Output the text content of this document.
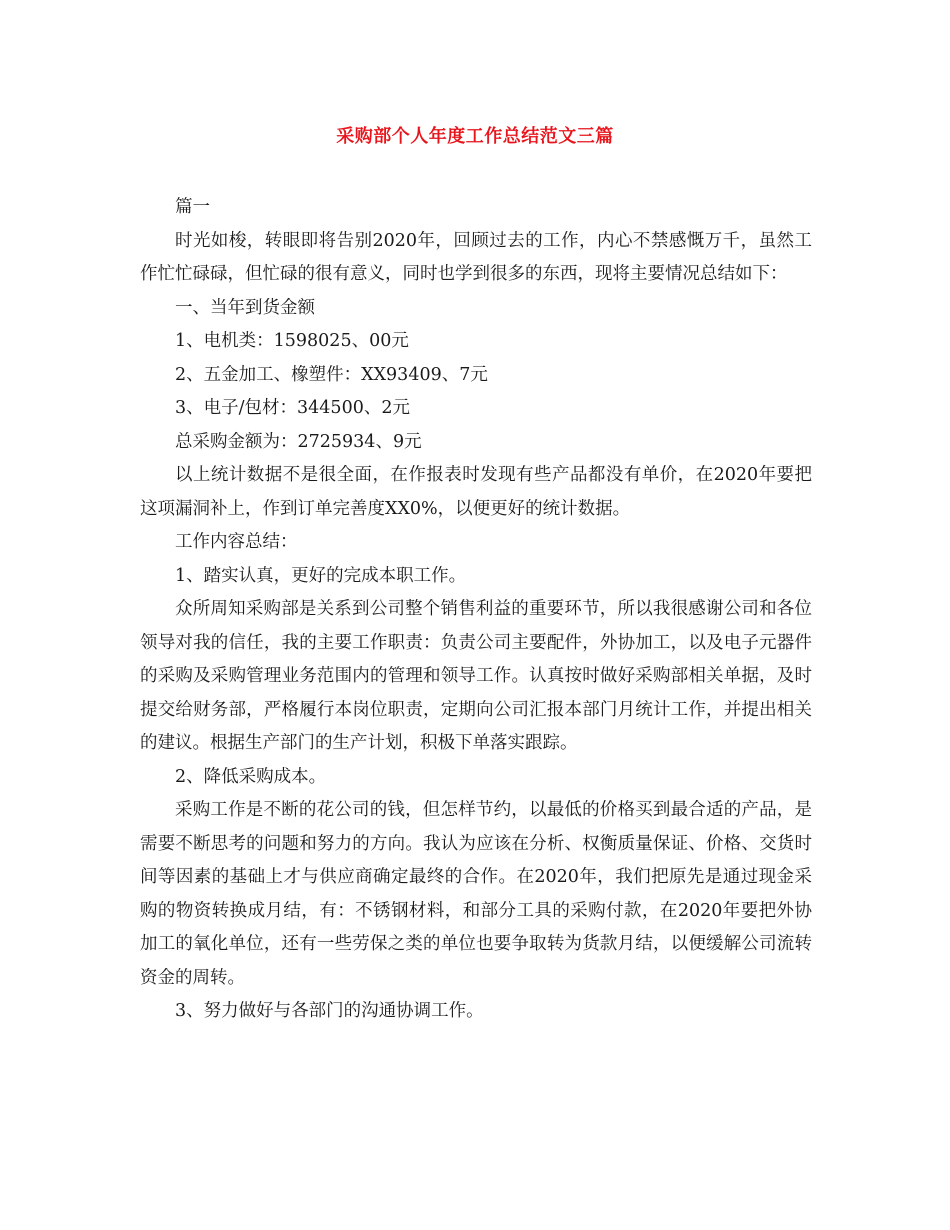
采购部个人年度工作总结范文三篇

篇一

时光如梭，转眼即将告别2020年，回顾过去的工作，内心不禁感慨万千，虽然工作忙忙碌碌，但忙碌的很有意义，同时也学到很多的东西，现将主要情况总结如下：

一、当年到货金额

1、电机类：1598025、00元

2、五金加工、橡塑件：XX93409、7元

3、电子/包材：344500、2元

总采购金额为：2725934、9元

以上统计数据不是很全面，在作报表时发现有些产品都没有单价，在2020年要把这项漏洞补上，作到订单完善度XX0%，以便更好的统计数据。

工作内容总结：

1、踏实认真，更好的完成本职工作。

众所周知采购部是关系到公司整个销售利益的重要环节，所以我很感谢公司和各位领导对我的信任，我的主要工作职责：负责公司主要配件，外协加工，以及电子元器件的采购及采购管理业务范围内的管理和领导工作。认真按时做好采购部相关单据，及时提交给财务部，严格履行本岗位职责，定期向公司汇报本部门月统计工作，并提出相关的建议。根据生产部门的生产计划，积极下单落实跟踪。

2、降低采购成本。

采购工作是不断的花公司的钱，但怎样节约，以最低的价格买到最合适的产品，是需要不断思考的问题和努力的方向。我认为应该在分析、权衡质量保证、价格、交货时间等因素的基础上才与供应商确定最终的合作。在2020年，我们把原先是通过现金采购的物资转换成月结，有：不锈钢材料，和部分工具的采购付款，在2020年要把外协加工的氧化单位，还有一些劳保之类的单位也要争取转为货款月结，以便缓解公司流转资金的周转。

3、努力做好与各部门的沟通协调工作。
